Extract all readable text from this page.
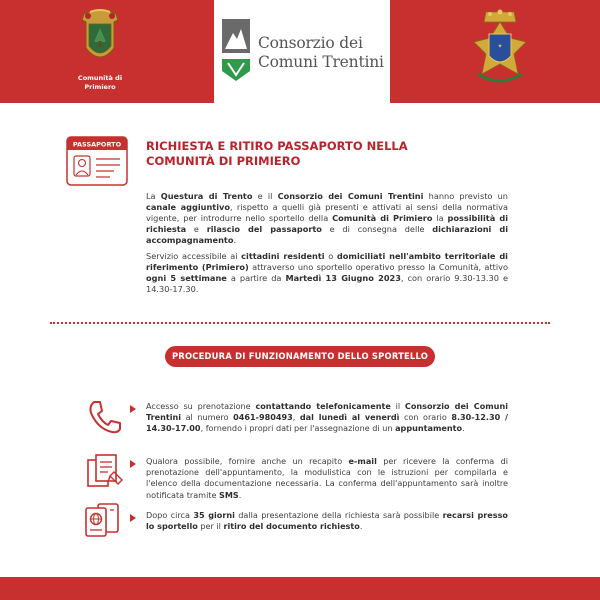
Comunità di
Primiero
Consorzio dei
Comuni Trentini
✦
PASSAPORTO RICHIESTA E RITIRO PASSAPORTO NELLA
COMUNITÀ DI PRIMIERO
La Questura di Trento e il Consorzio dei Comuni Trentini hanno previsto un canale aggiuntivo, rispetto a quelli già presenti e attivati ai sensi della normativa vigente, per introdurre nello sportello della Comunità di Primiero la possibilità di richiesta e rilascio del passaporto e di consegna delle dichiarazioni di accompagnamento.
Servizio accessibile ai cittadini residenti o domiciliati nell'ambito territoriale di riferimento (Primiero) attraverso uno sportello operativo presso la Comunità, attivo ogni 5 settimane a partire da Martedì 13 Giugno 2023, con orario 9.30-13.30 e 14.30-17.30.
PROCEDURA DI FUNZIONAMENTO DELLO SPORTELLO
Accesso su prenotazione contattando telefonicamente il Consorzio dei Comuni Trentini al numero 0461-980493, dal lunedì al venerdì con orario 8.30-12.30 / 14.30-17.00, fornendo i propri dati per l'assegnazione di un appuntamento.
Qualora possibile, fornire anche un recapito e-mail per ricevere la conferma di prenotazione dell'appuntamento, la modulistica con le istruzioni per compilarla e l'elenco della documentazione necessaria. La conferma dell'appuntamento sarà inoltre notificata tramite SMS.
Dopo circa 35 giorni dalla presentazione della richiesta sarà possibile recarsi presso lo sportello per il ritiro del documento richiesto.
